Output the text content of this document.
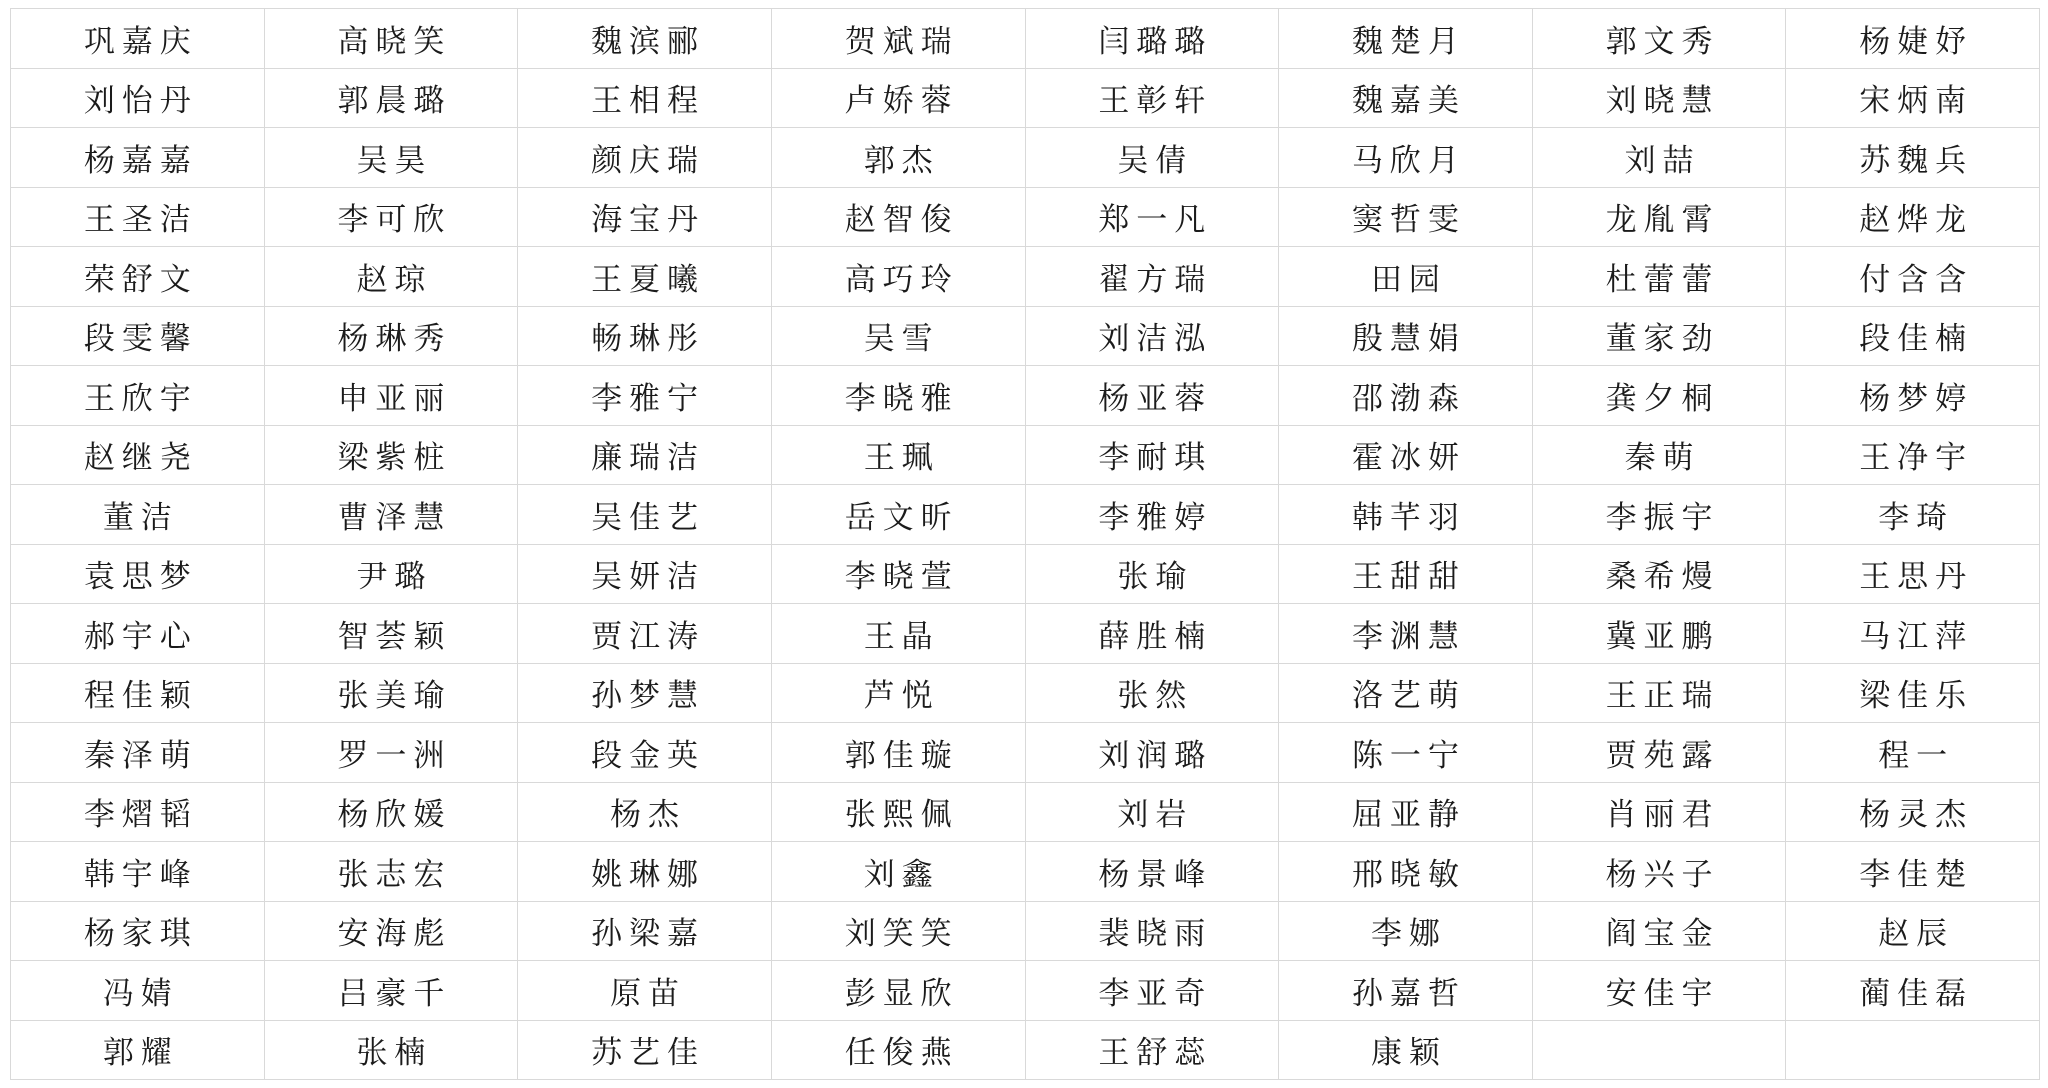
巩嘉庆	高晓笑	魏滨郦	贺斌瑞	闫璐璐	魏楚月	郭文秀	杨婕妤
刘怡丹	郭晨璐	王相程	卢娇蓉	王彰轩	魏嘉美	刘晓慧	宋炳南
杨嘉嘉	吴昊	颜庆瑞	郭杰	吴倩	马欣月	刘喆	苏魏兵
王圣洁	李可欣	海宝丹	赵智俊	郑一凡	窦哲雯	龙胤霄	赵烨龙
荣舒文	赵琼	王夏曦	高巧玲	翟方瑞	田园	杜蕾蕾	付含含
段雯馨	杨琳秀	畅琳彤	吴雪	刘洁泓	殷慧娟	董家劲	段佳楠
王欣宇	申亚丽	李雅宁	李晓雅	杨亚蓉	邵渤森	龚夕桐	杨梦婷
赵继尧	梁紫桩	廉瑞洁	王珮	李耐琪	霍冰妍	秦萌	王净宇
董洁	曹泽慧	吴佳艺	岳文昕	李雅婷	韩芊羽	李振宇	李琦
袁思梦	尹璐	吴妍洁	李晓萱	张瑜	王甜甜	桑希熳	王思丹
郝宇心	智荟颖	贾江涛	王晶	薛胜楠	李渊慧	冀亚鹏	马江萍
程佳颖	张美瑜	孙梦慧	芦悦	张然	洛艺萌	王正瑞	梁佳乐
秦泽萌	罗一洲	段金英	郭佳璇	刘润璐	陈一宁	贾苑露	程一
李熠韬	杨欣媛	杨杰	张熙佩	刘岩	屈亚静	肖丽君	杨灵杰
韩宇峰	张志宏	姚琳娜	刘鑫	杨景峰	邢晓敏	杨兴子	李佳楚
杨家琪	安海彪	孙梁嘉	刘笑笑	裴晓雨	李娜	阎宝金	赵辰
冯婧	吕豪千	原苗	彭显欣	李亚奇	孙嘉哲	安佳宇	蔺佳磊
郭耀	张楠	苏艺佳	任俊燕	王舒蕊	康颖		
